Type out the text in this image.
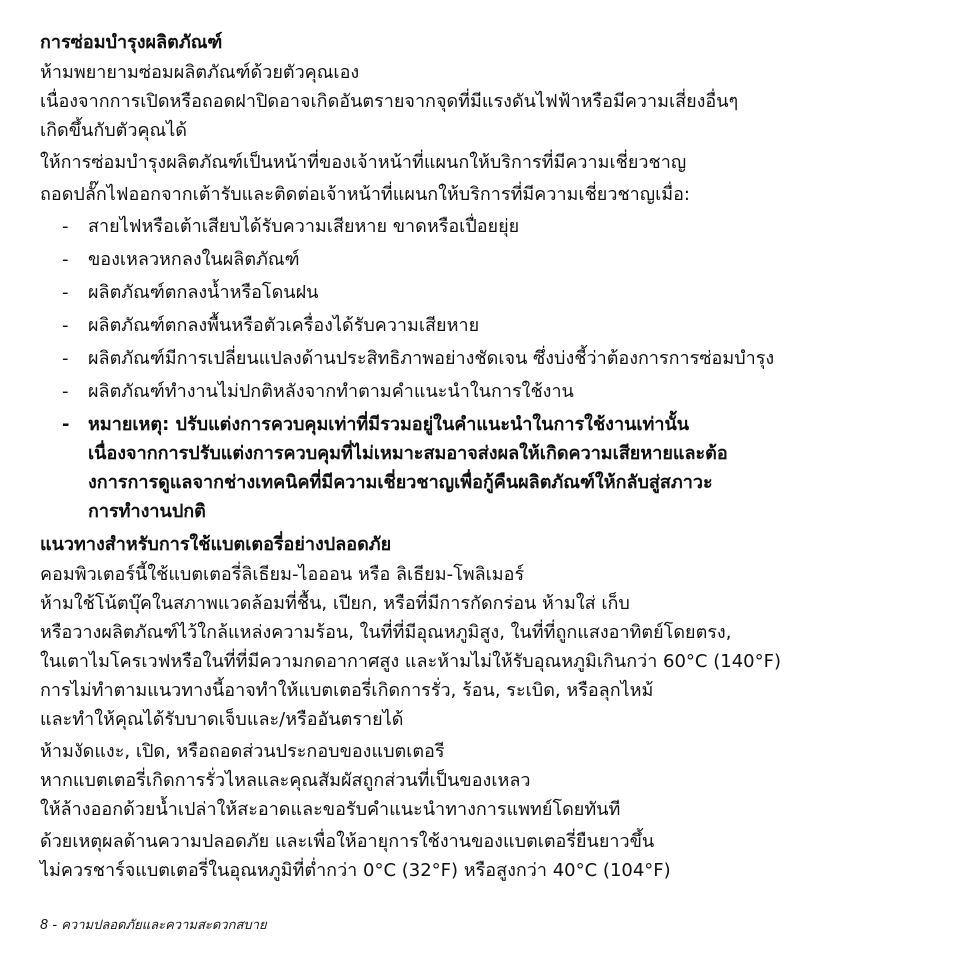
การซ่อมบำรุงผลิตภัณฑ์
ห้ามพยายามซ่อมผลิตภัณฑ์ด้วยตัวคุณเอง
เนื่องจากการเปิดหรือถอดฝาปิดอาจเกิดอันตรายจากจุดที่มีแรงดันไฟฟ้าหรือมีความเสี่ยงอื่นๆ
เกิดขึ้นกับตัวคุณได้
ให้การซ่อมบำรุงผลิตภัณฑ์เป็นหน้าที่ของเจ้าหน้าที่แผนกให้บริการที่มีความเชี่ยวชาญ
ถอดปลั๊กไฟออกจากเต้ารับและติดต่อเจ้าหน้าที่แผนกให้บริการที่มีความเชี่ยวชาญเมื่อ:
- สายไฟหรือเต้าเสียบได้รับความเสียหาย ขาดหรือเปื่อยยุ่ย
- ของเหลวหกลงในผลิตภัณฑ์
- ผลิตภัณฑ์ตกลงน้ำหรือโดนฝน
- ผลิตภัณฑ์ตกลงพื้นหรือตัวเครื่องได้รับความเสียหาย
- ผลิตภัณฑ์มีการเปลี่ยนแปลงด้านประสิทธิภาพอย่างชัดเจน ซึ่งบ่งชี้ว่าต้องการการซ่อมบำรุง
- ผลิตภัณฑ์ทำงานไม่ปกติหลังจากทำตามคำแนะนำในการใช้งาน
- หมายเหตุ: ปรับแต่งการควบคุมเท่าที่มีรวมอยู่ในคำแนะนำในการใช้งานเท่านั้น
เนื่องจากการปรับแต่งการควบคุมที่ไม่เหมาะสมอาจส่งผลให้เกิดความเสียหายและต้อ
งการการดูแลจากช่างเทคนิคที่มีความเชี่ยวชาญเพื่อกู้คืนผลิตภัณฑ์ให้กลับสู่สภาวะ
การทำงานปกติ
แนวทางสำหรับการใช้แบตเตอรี่อย่างปลอดภัย
คอมพิวเตอร์นี้ใช้แบตเตอรี่ลิเธียม-ไอออน หรือ ลิเธียม-โพลิเมอร์
ห้ามใช้โน้ตบุ๊คในสภาพแวดล้อมที่ชื้น, เปียก, หรือที่มีการกัดกร่อน ห้ามใส่ เก็บ
หรือวางผลิตภัณฑ์ไว้ใกล้แหล่งความร้อน, ในที่ที่มีอุณหภูมิสูง, ในที่ที่ถูกแสงอาทิตย์โดยตรง,
ในเตาไมโครเวฟหรือในที่ที่มีความกดอากาศสูง และห้ามไม่ให้รับอุณหภูมิเกินกว่า 60°C (140°F)
การไม่ทำตามแนวทางนี้อาจทำให้แบตเตอรี่เกิดการรั่ว, ร้อน, ระเบิด, หรือลุกไหม้
และทำให้คุณได้รับบาดเจ็บและ/หรืออันตรายได้
ห้ามงัดแงะ, เปิด, หรือถอดส่วนประกอบของแบตเตอรี
หากแบตเตอรี่เกิดการรั่วไหลและคุณสัมผัสถูกส่วนที่เป็นของเหลว
ให้ล้างออกด้วยน้ำเปล่าให้สะอาดและขอรับคำแนะนำทางการแพทย์โดยทันที
ด้วยเหตุผลด้านความปลอดภัย และเพื่อให้อายุการใช้งานของแบตเตอรี่ยืนยาวขึ้น
ไม่ควรชาร์จแบตเตอรี่ในอุณหภูมิที่ต่ำกว่า 0°C (32°F) หรือสูงกว่า 40°C (104°F)
8 - ความปลอดภัยและความสะดวกสบาย
